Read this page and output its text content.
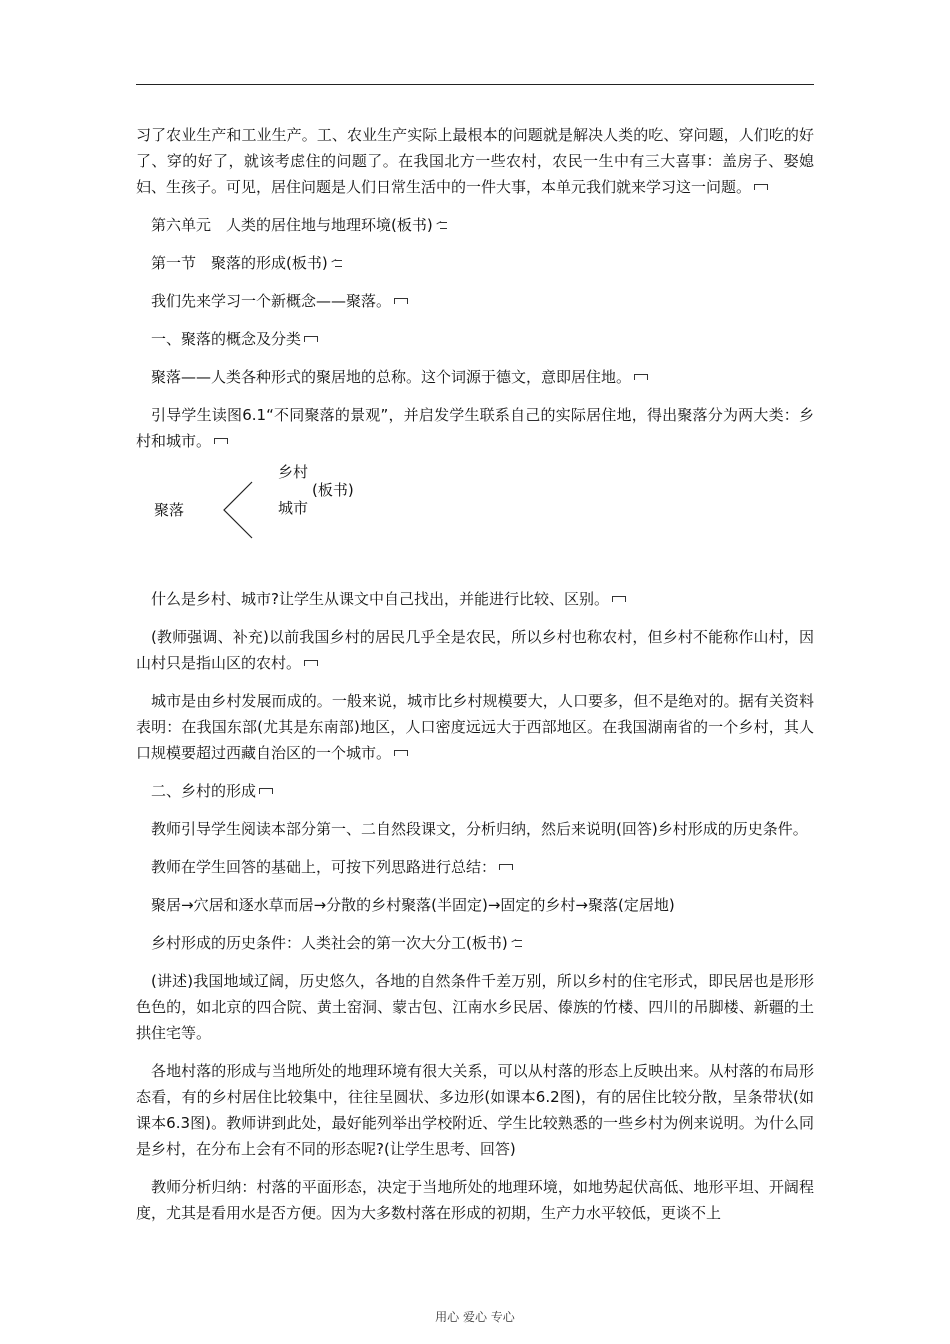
习了农业生产和工业生产。工、农业生产实际上最根本的问题就是解决人类的吃、穿问题，人们吃的好了、穿的好了，就该考虑住的问题了。在我国北方一些农村，农民一生中有三大喜事：盖房子、娶媳妇、生孩子。可见，居住问题是人们日常生活中的一件大事，本单元我们就来学习这一问题。

第六单元　人类的居住地与地理环境(板书)

第一节　聚落的形成(板书)

我们先来学习一个新概念——聚落。

一、聚落的概念及分类

聚落——人类各种形式的聚居地的总称。这个词源于德文，意即居住地。

引导学生读图6.1“不同聚落的景观”，并启发学生联系自己的实际居住地，得出聚落分为两大类：乡村和城市。

聚落
乡村
(板书)
城市

什么是乡村、城市?让学生从课文中自己找出，并能进行比较、区别。

(教师强调、补充)以前我国乡村的居民几乎全是农民，所以乡村也称农村，但乡村不能称作山村，因山村只是指山区的农村。

城市是由乡村发展而成的。一般来说，城市比乡村规模要大，人口要多，但不是绝对的。据有关资料表明：在我国东部(尤其是东南部)地区，人口密度远远大于西部地区。在我国湖南省的一个乡村，其人口规模要超过西藏自治区的一个城市。

二、乡村的形成

教师引导学生阅读本部分第一、二自然段课文，分析归纳，然后来说明(回答)乡村形成的历史条件。

教师在学生回答的基础上，可按下列思路进行总结：

聚居→穴居和逐水草而居→分散的乡村聚落(半固定)→固定的乡村→聚落(定居地)

乡村形成的历史条件：人类社会的第一次大分工(板书)

(讲述)我国地域辽阔，历史悠久，各地的自然条件千差万别，所以乡村的住宅形式，即民居也是形形色色的，如北京的四合院、黄土窑洞、蒙古包、江南水乡民居、傣族的竹楼、四川的吊脚楼、新疆的土拱住宅等。

各地村落的形成与当地所处的地理环境有很大关系，可以从村落的形态上反映出来。从村落的布局形态看，有的乡村居住比较集中，往往呈圆状、多边形(如课本6.2图)，有的居住比较分散，呈条带状(如课本6.3图)。教师讲到此处，最好能列举出学校附近、学生比较熟悉的一些乡村为例来说明。为什么同是乡村，在分布上会有不同的形态呢?(让学生思考、回答)

教师分析归纳：村落的平面形态，决定于当地所处的地理环境，如地势起伏高低、地形平坦、开阔程度，尤其是看用水是否方便。因为大多数村落在形成的初期，生产力水平较低，更谈不上

用心 爱心 专心
